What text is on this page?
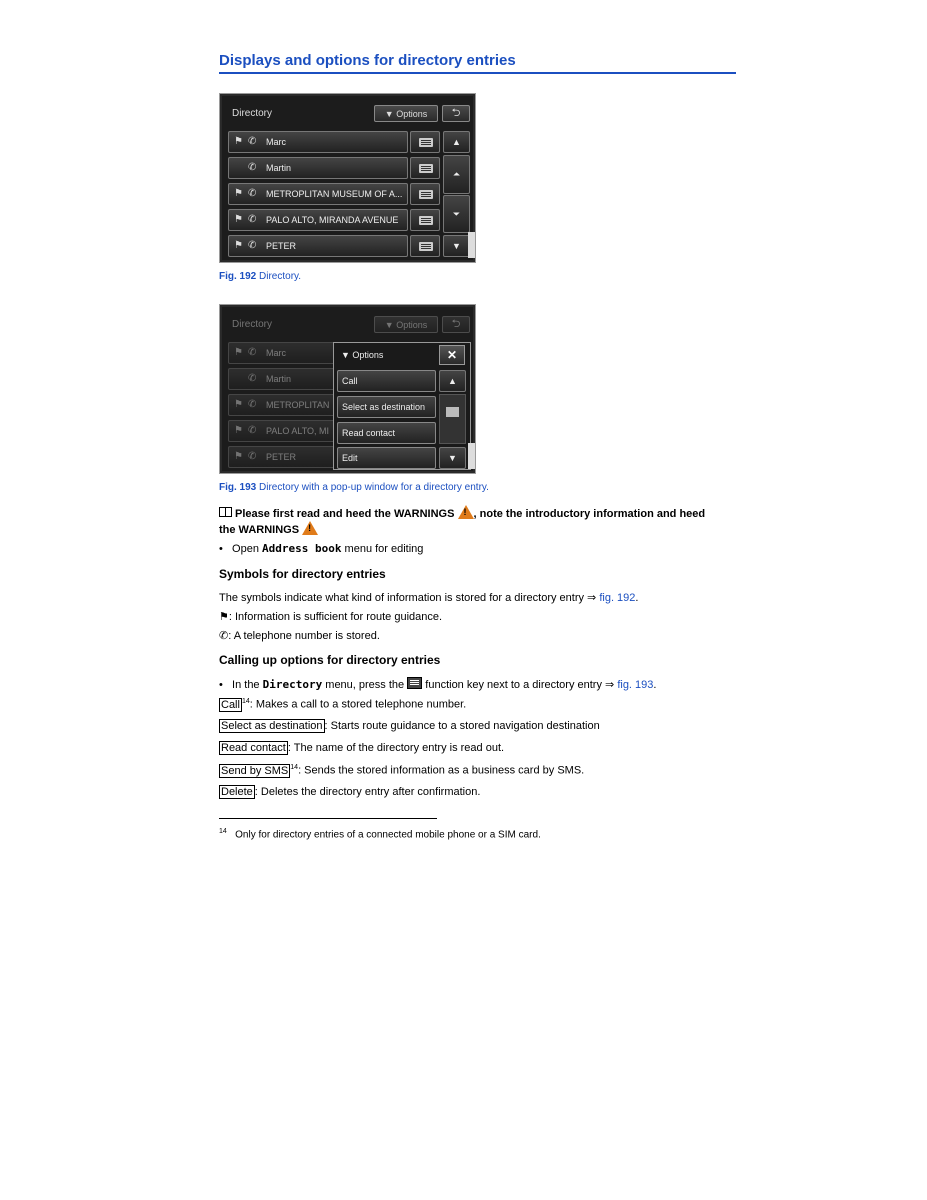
Displays and options for directory entries
Directory	▼ Options	⮌
⚑ ✆ Marc
✆ Martin
⚑ ✆ METROPLITAN MUSEUM OF A...
⚑ ✆ PALO ALTO, MIRANDA AVENUE
⚑ ✆ PETER
▲
⏶
⏷
▼
Fig. 192 Directory.
Directory	▼ Options	⮌
⚑ ✆ Marc
✆ Martin
⚑ ✆ METROPLITAN
⚑ ✆ PALO ALTO, MI
⚑ ✆ PETER
▼ Options	✕
Call
Select as destination
Read contact
Edit
▲
▼
Fig. 193 Directory with a pop-up window for a directory entry.
Please first read and heed the WARNINGS !, note the introductory information and heed
the WARNINGS !
• Open Address book menu for editing
Symbols for directory entries
The symbols indicate what kind of information is stored for a directory entry ⇒ fig. 192.
⚑: Information is sufficient for route guidance.
✆: A telephone number is stored.
Calling up options for directory entries
• In the Directory menu, press the  function key next to a directory entry ⇒ fig. 193.
Call $^{14}$: Makes a call to a stored telephone number.
Select as destination : Starts route guidance to a stored navigation destination
Read contact : The name of the directory entry is read out.
Send by SMS $^{14}$: Sends the stored information as a business card by SMS.
Delete : Deletes the directory entry after confirmation.
$^{14}$ Only for directory entries of a connected mobile phone or a SIM card.
